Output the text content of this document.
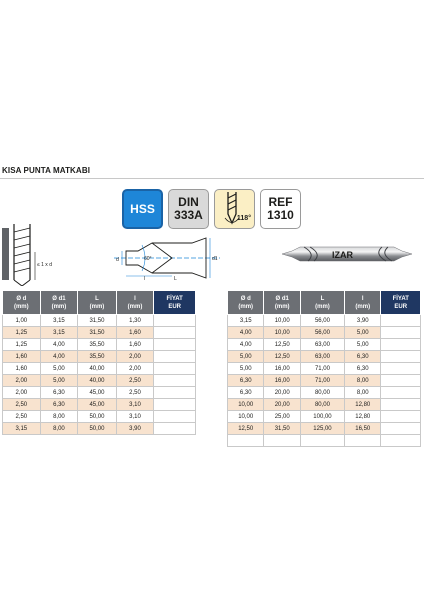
KISA PUNTA MATKABI
HSS DIN
333A	118°
REF
1310
≤ 1 x d
d	60°	d1
l	L
IZAR
Ø d
(mm)	Ø d1
(mm)	L
(mm)	l
(mm)	FİYAT
EUR

1,00	3,15	31,50	1,30	
1,25	3,15	31,50	1,60	
1,25	4,00	35,50	1,60	
1,60	4,00	35,50	2,00	
1,60	5,00	40,00	2,00	
2,00	5,00	40,00	2,50	
2,00	6,30	45,00	2,50	
2,50	6,30	45,00	3,10	
2,50	8,00	50,00	3,10	
3,15	8,00	50,00	3,90	
Ø d
(mm)	Ø d1
(mm)	L
(mm)	l
(mm)	FİYAT
EUR

3,15	10,00	56,00	3,90	
4,00	10,00	56,00	5,00	
4,00	12,50	63,00	5,00	
5,00	12,50	63,00	6,30	
5,00	16,00	71,00	6,30	
6,30	16,00	71,00	8,00	
6,30	20,00	80,00	8,00	
10,00	20,00	80,00	12,80	
10,00	25,00	100,00	12,80	
12,50	31,50	125,00	16,50	
